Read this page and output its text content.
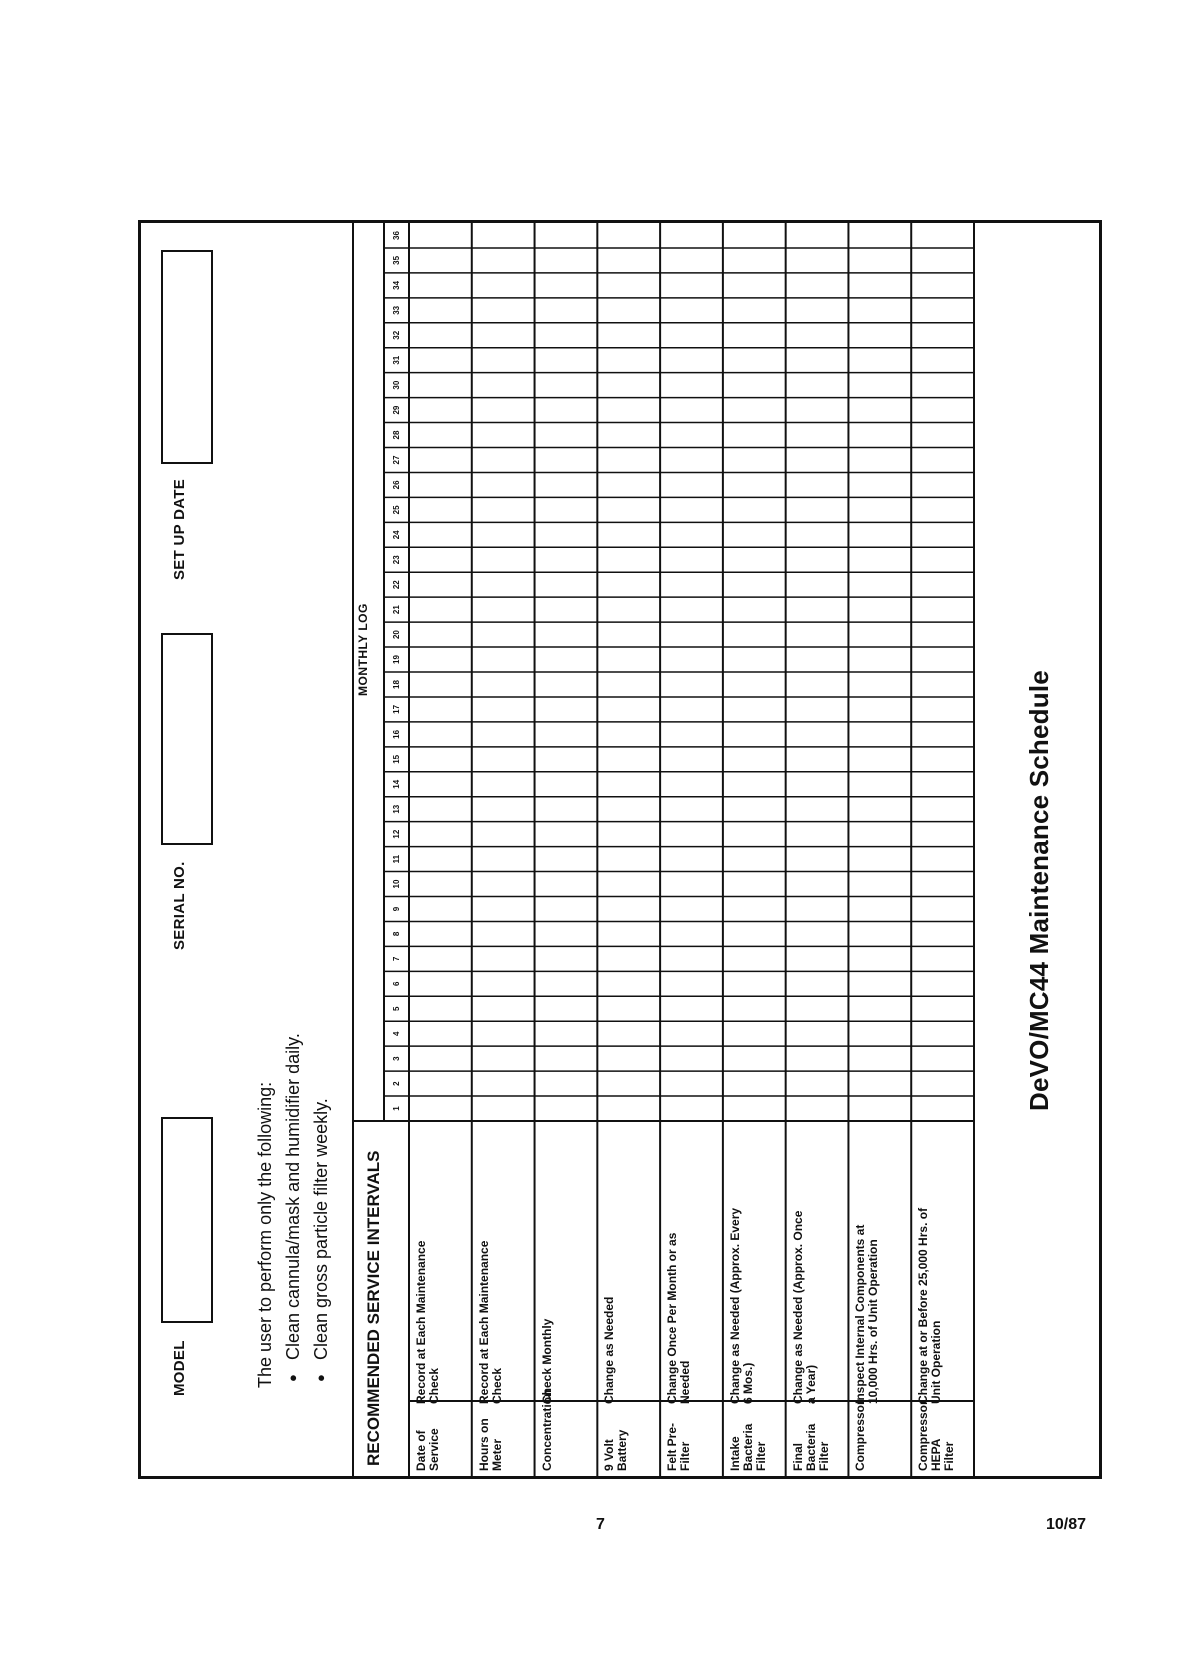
MODEL
SERIAL NO.
SET UP DATE
The user to perform only the following: ● Clean cannula/mask and humidifier daily. ● Clean gross particle filter weekly. RECOMMENDED SERVICE INTERVALS
MONTHLY LOG
1
2
3
4
5
6
7
8
9
10
11
12
13
14
15
16
17
18
19
20
21
22
23
24
25
26
27
28
29
30
31
32
33
34
35
36
Date of Service
Record at Each Maintenance Check
Hours on Meter
Record at Each Maintenance Check
Concentration
Check Monthly
9 Volt Battery
Change as Needed
Felt Pre-Filter
Change Once Per Month or as Needed
Intake Bacteria Filter
Change as Needed (Approx. Every 6 Mos.)
Final Bacteria Filter
Change as Needed (Approx. Once a Year)
Compressor
Inspect Internal Components at 10,000 Hrs. of Unit Operation
Compressor HEPA Filter
Change at or Before 25,000 Hrs. of Unit Operation
DeVO/MC44 Maintenance Schedule
7	10/87
